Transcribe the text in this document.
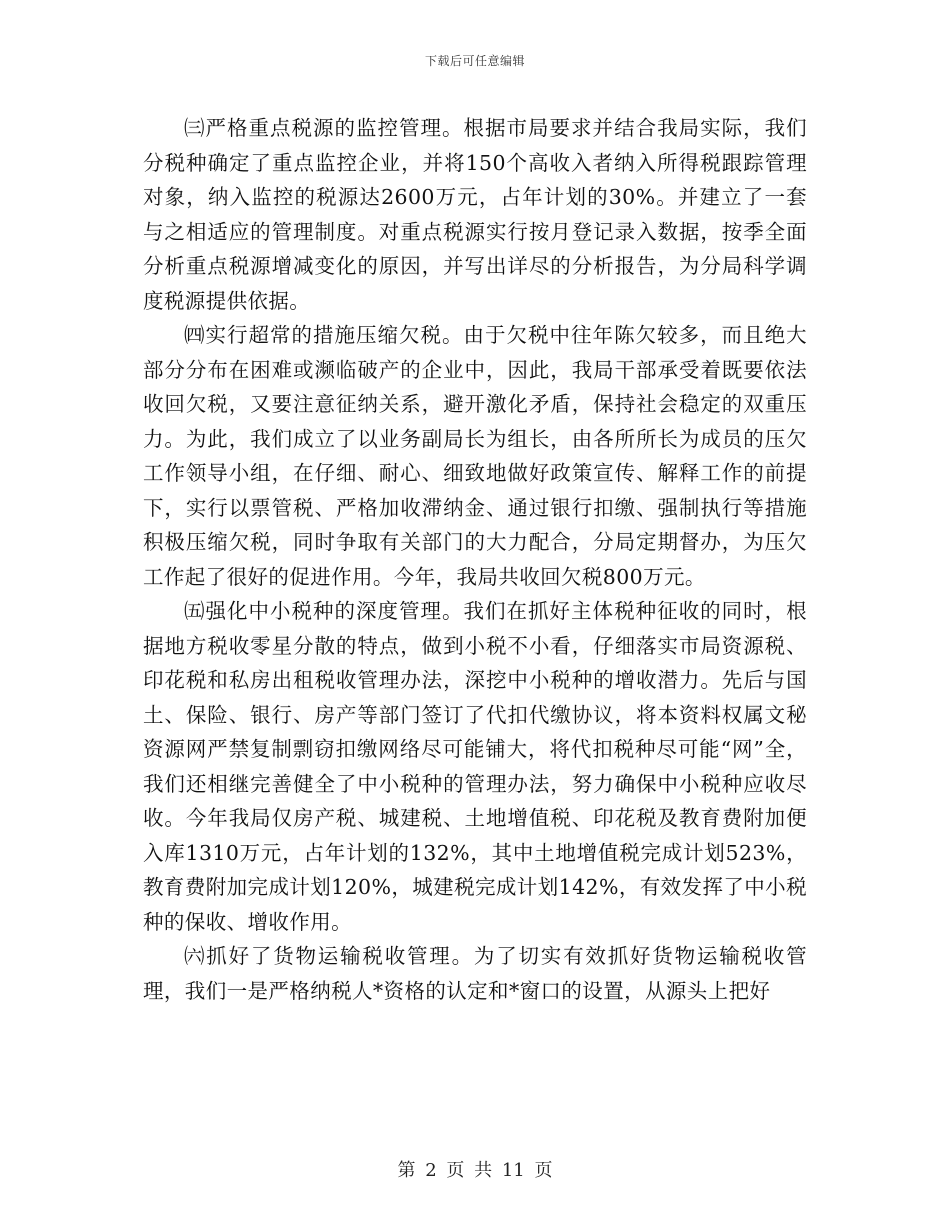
下载后可任意编辑

㈢严格重点税源的监控管理。根据市局要求并结合我局实际，我们分税种确定了重点监控企业，并将150个高收入者纳入所得税跟踪管理对象，纳入监控的税源达2600万元，占年计划的30%。并建立了一套与之相适应的管理制度。对重点税源实行按月登记录入数据，按季全面分析重点税源增减变化的原因，并写出详尽的分析报告，为分局科学调度税源提供依据。

㈣实行超常的措施压缩欠税。由于欠税中往年陈欠较多，而且绝大部分分布在困难或濒临破产的企业中，因此，我局干部承受着既要依法收回欠税，又要注意征纳关系，避开激化矛盾，保持社会稳定的双重压力。为此，我们成立了以业务副局长为组长，由各所所长为成员的压欠工作领导小组，在仔细、耐心、细致地做好政策宣传、解释工作的前提下，实行以票管税、严格加收滞纳金、通过银行扣缴、强制执行等措施积极压缩欠税，同时争取有关部门的大力配合，分局定期督办，为压欠工作起了很好的促进作用。今年，我局共收回欠税800万元。

㈤强化中小税种的深度管理。我们在抓好主体税种征收的同时，根据地方税收零星分散的特点，做到小税不小看，仔细落实市局资源税、印花税和私房出租税收管理办法，深挖中小税种的增收潜力。先后与国土、保险、银行、房产等部门签订了代扣代缴协议，将本资料权属文秘资源网严禁复制剽窃扣缴网络尽可能铺大，将代扣税种尽可能“网”全，我们还相继完善健全了中小税种的管理办法，努力确保中小税种应收尽收。今年我局仅房产税、城建税、土地增值税、印花税及教育费附加便入库1310万元，占年计划的132%，其中土地增值税完成计划523%，教育费附加完成计划120%，城建税完成计划142%，有效发挥了中小税种的保收、增收作用。

㈥抓好了货物运输税收管理。为了切实有效抓好货物运输税收管理，我们一是严格纳税人*资格的认定和*窗口的设置，从源头上把好

第 2 页 共 11 页
